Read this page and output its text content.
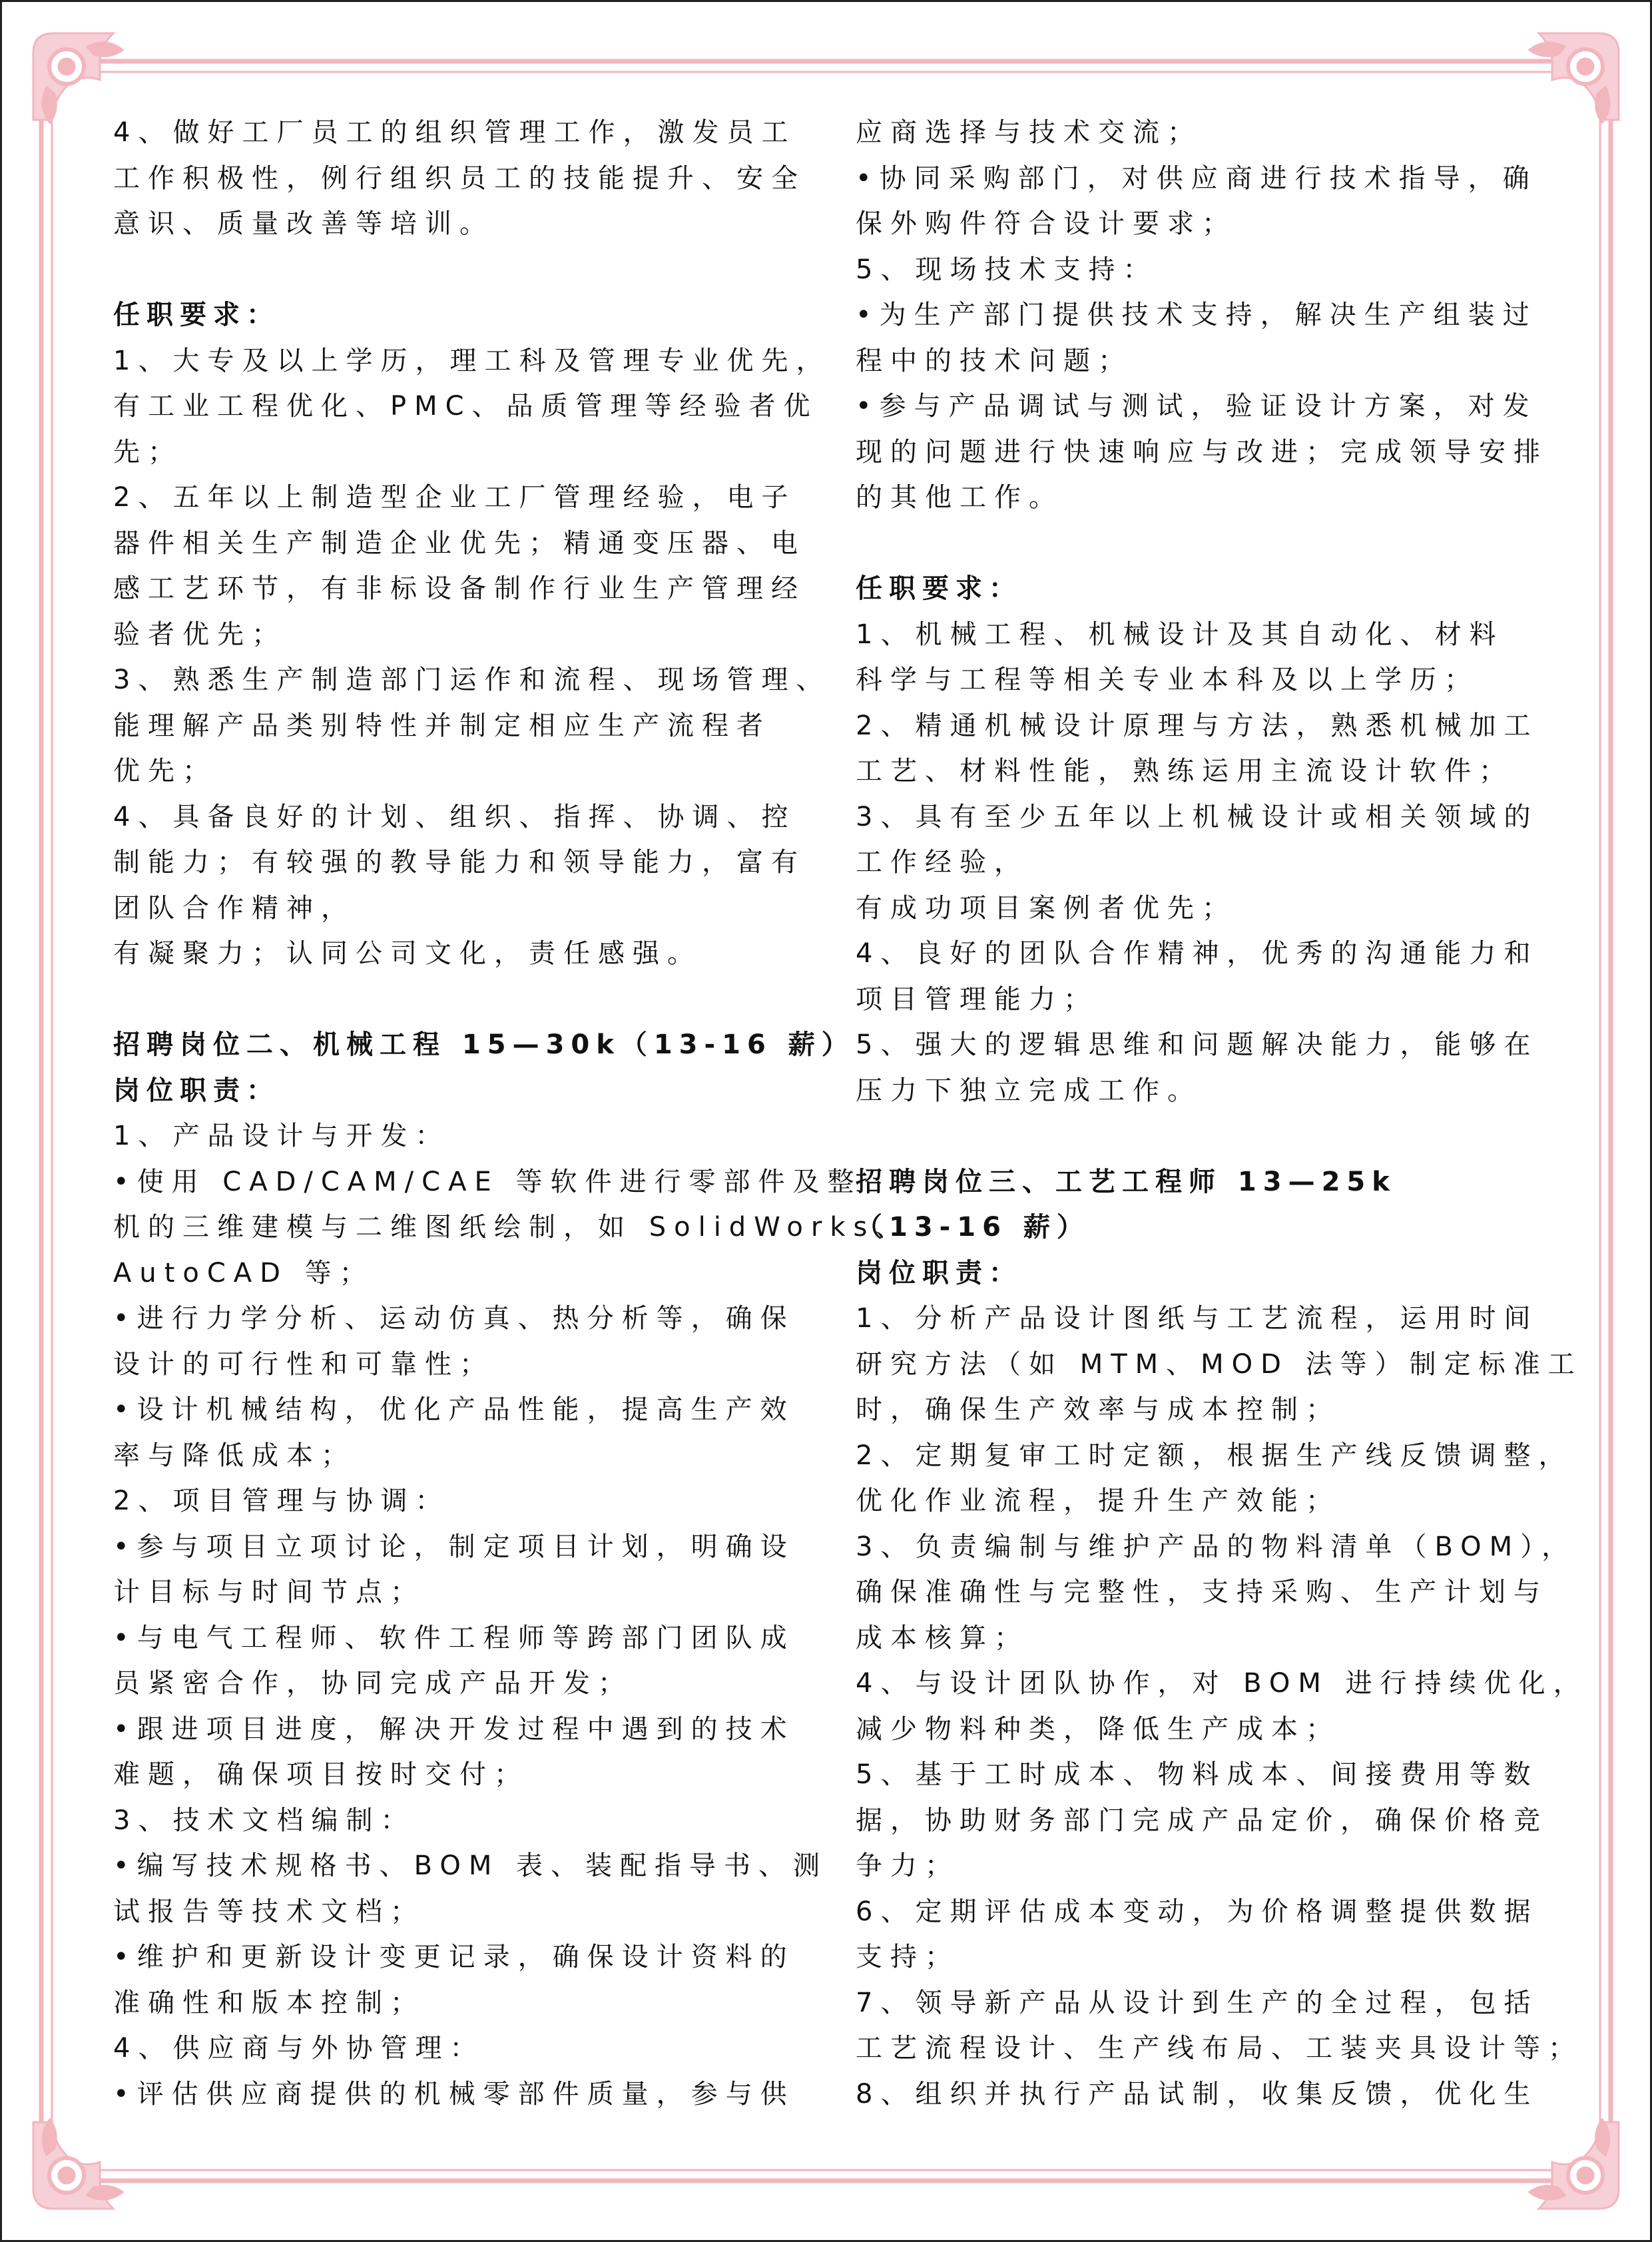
4、做好工厂员工的组织管理工作，激发员工

工作积极性，例行组织员工的技能提升、安全

意识、质量改善等培训。

任职要求：

1、大专及以上学历，理工科及管理专业优先，

有工业工程优化、PMC、品质管理等经验者优

先；

2、五年以上制造型企业工厂管理经验，电子

器件相关生产制造企业优先；精通变压器、电

感工艺环节，有非标设备制作行业生产管理经

验者优先；

3、熟悉生产制造部门运作和流程、现场管理、

能理解产品类别特性并制定相应生产流程者

优先；

4、具备良好的计划、组织、指挥、协调、控

制能力；有较强的教导能力和领导能力，富有

团队合作精神，

有凝聚力；认同公司文化，责任感强。

招聘岗位二、机械工程 15—30k（13-16 薪）

岗位职责：

1、产品设计与开发：

•使用 CAD/CAM/CAE 等软件进行零部件及整

机的三维建模与二维图纸绘制，如 SolidWorks、

AutoCAD 等；

•进行力学分析、运动仿真、热分析等，确保

设计的可行性和可靠性；

•设计机械结构，优化产品性能，提高生产效

率与降低成本；

2、项目管理与协调：

•参与项目立项讨论，制定项目计划，明确设

计目标与时间节点；

•与电气工程师、软件工程师等跨部门团队成

员紧密合作，协同完成产品开发；

•跟进项目进度，解决开发过程中遇到的技术

难题，确保项目按时交付；

3、技术文档编制：

•编写技术规格书、BOM 表、装配指导书、测

试报告等技术文档；

•维护和更新设计变更记录，确保设计资料的

准确性和版本控制；

4、供应商与外协管理：

•评估供应商提供的机械零部件质量，参与供

应商选择与技术交流；

•协同采购部门，对供应商进行技术指导，确

保外购件符合设计要求；

5、现场技术支持：

•为生产部门提供技术支持，解决生产组装过

程中的技术问题；

•参与产品调试与测试，验证设计方案，对发

现的问题进行快速响应与改进；完成领导安排

的其他工作。

任职要求：

1、机械工程、机械设计及其自动化、材料

科学与工程等相关专业本科及以上学历；

2、精通机械设计原理与方法，熟悉机械加工

工艺、材料性能，熟练运用主流设计软件；

3、具有至少五年以上机械设计或相关领域的

工作经验，

有成功项目案例者优先；

4、良好的团队合作精神，优秀的沟通能力和

项目管理能力；

5、强大的逻辑思维和问题解决能力，能够在

压力下独立完成工作。

招聘岗位三、工艺工程师 13—25k

（13-16 薪）

岗位职责：

1、分析产品设计图纸与工艺流程，运用时间

研究方法（如 MTM、MOD 法等）制定标准工

时，确保生产效率与成本控制；

2、定期复审工时定额，根据生产线反馈调整，

优化作业流程，提升生产效能；

3、负责编制与维护产品的物料清单（BOM），

确保准确性与完整性，支持采购、生产计划与

成本核算；

4、与设计团队协作，对 BOM 进行持续优化，

减少物料种类，降低生产成本；

5、基于工时成本、物料成本、间接费用等数

据，协助财务部门完成产品定价，确保价格竞

争力；

6、定期评估成本变动，为价格调整提供数据

支持；

7、领导新产品从设计到生产的全过程，包括

工艺流程设计、生产线布局、工装夹具设计等；

8、组织并执行产品试制，收集反馈，优化生
